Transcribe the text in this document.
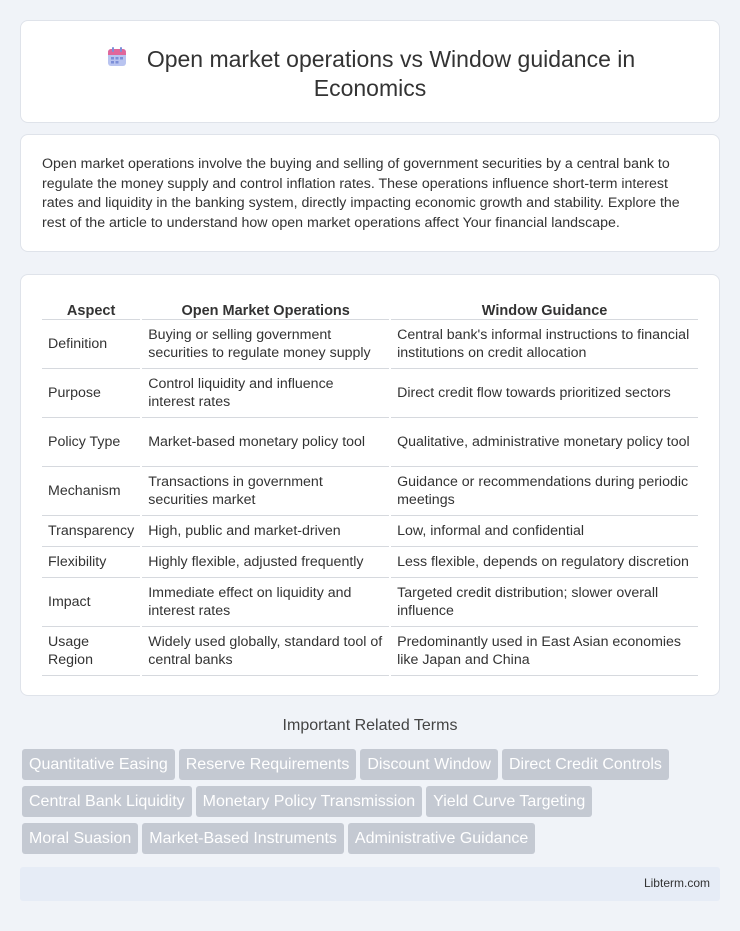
Open market operations vs Window guidance in
Economics

Open market operations involve the buying and selling of government securities by a central bank to regulate the money supply and control inflation rates. These operations influence short-term interest rates and liquidity in the banking system, directly impacting economic growth and stability. Explore the rest of the article to understand how open market operations affect Your financial landscape.

Aspect	Open Market Operations	Window Guidance
Definition	Buying or selling government securities to regulate money supply	Central bank's informal instructions to financial institutions on credit allocation
Purpose	Control liquidity and influence interest rates	Direct credit flow towards prioritized sectors
Policy Type	Market-based monetary policy tool	Qualitative, administrative monetary policy tool
Mechanism	Transactions in government securities market	Guidance or recommendations during periodic meetings
Transparency	High, public and market-driven	Low, informal and confidential
Flexibility	Highly flexible, adjusted frequently	Less flexible, depends on regulatory discretion
Impact	Immediate effect on liquidity and interest rates	Targeted credit distribution; slower overall influence
Usage Region	Widely used globally, standard tool of central banks	Predominantly used in East Asian economies like Japan and China
Important Related Terms
Quantitative Easing Reserve Requirements Discount Window Direct Credit Controls
Central Bank Liquidity Monetary Policy Transmission Yield Curve Targeting
Moral Suasion Market-Based Instruments Administrative Guidance
Libterm.com
